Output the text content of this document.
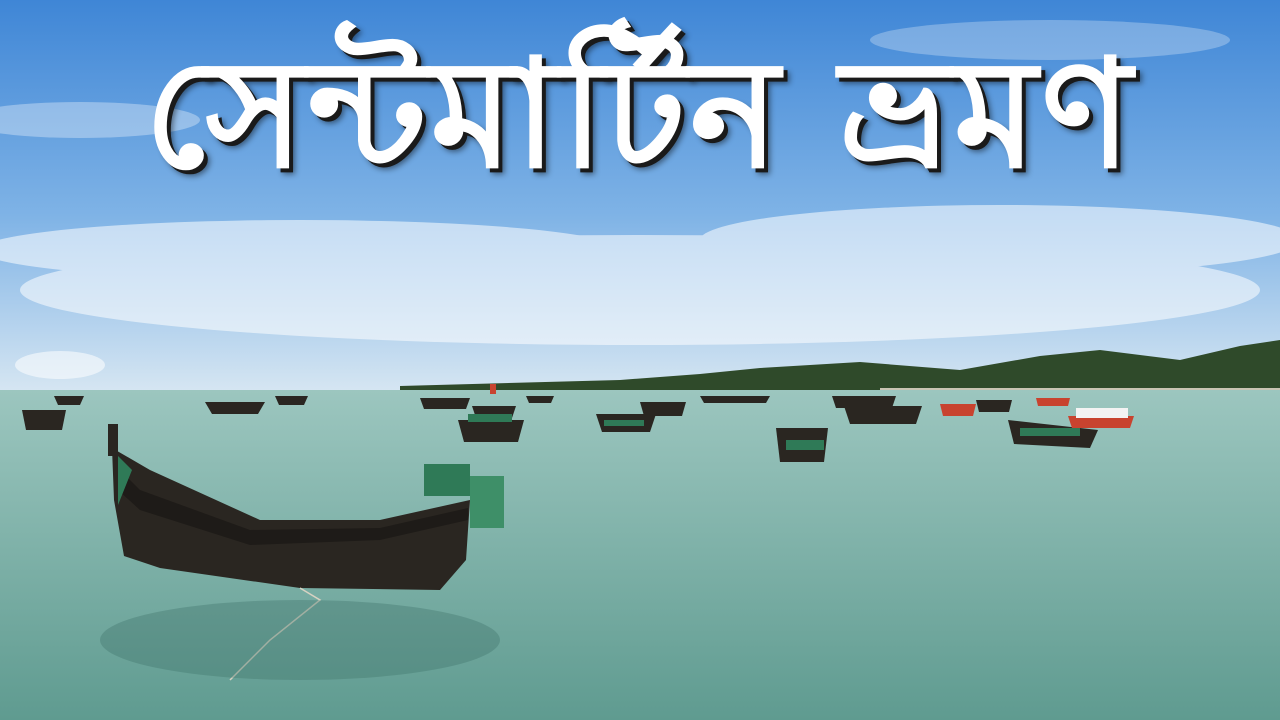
সেন্টমার্টিন ভ্রমণ
